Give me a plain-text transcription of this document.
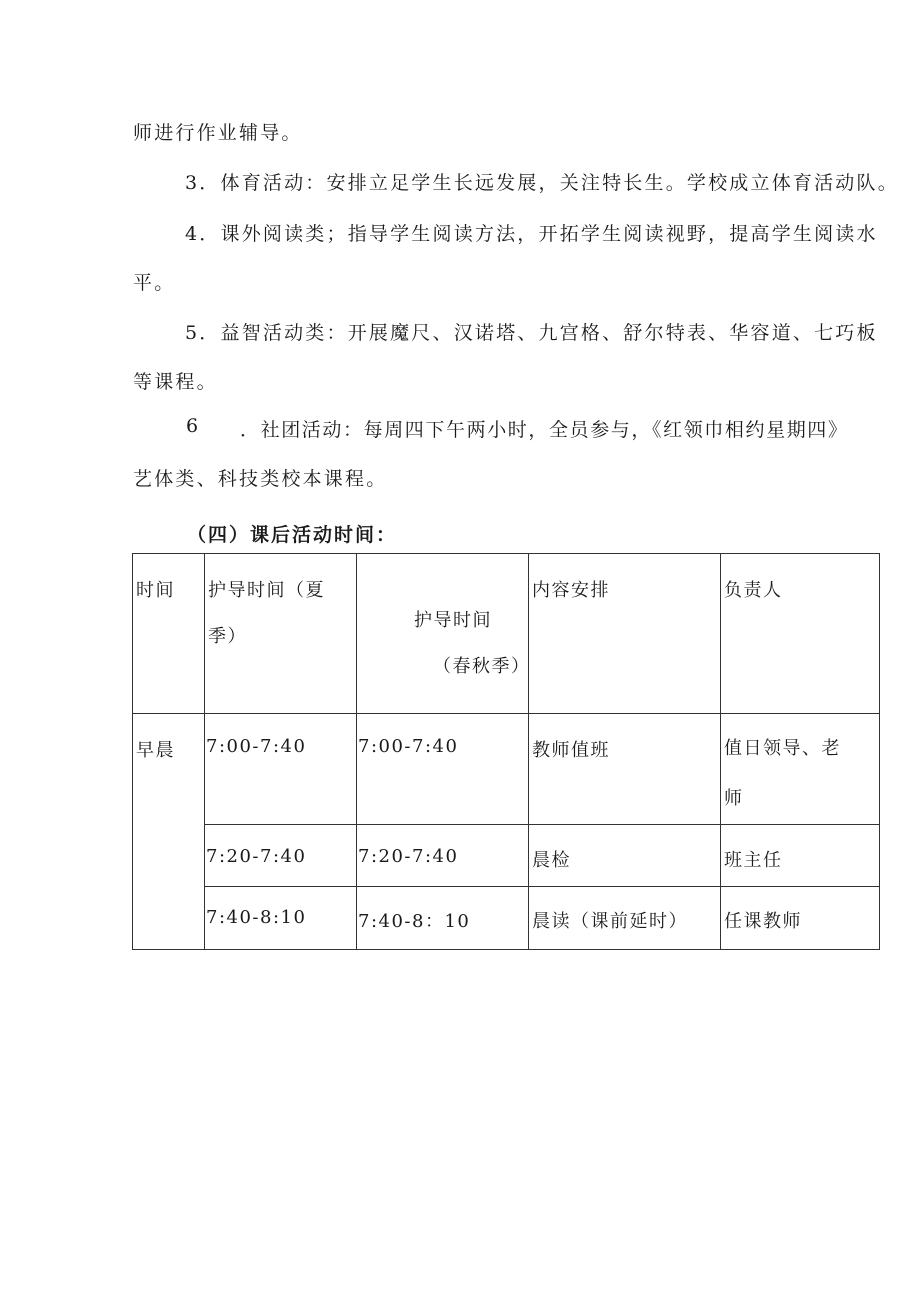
师进行作业辅导。
3．体育活动：安排立足学生长远发展，关注特长生。学校成立体育活动队。
4．课外阅读类；指导学生阅读方法，开拓学生阅读视野，提高学生阅读水
平。
5．益智活动类：开展魔尺、汉诺塔、九宫格、舒尔特表、华容道、七巧板
等课程。
6 ．社团活动：每周四下午两小时，全员参与，《红领巾相约星期四》
艺体类、科技类校本课程。
（四）课后活动时间：
时间	护导时间（夏
季）	护导时间
（春秋季）	内容安排	负责人

早晨	7:00-7:40	7:00-7:40	教师值班	值日领导、老
师

	7:20-7:40	7:20-7:40	晨检	班主任

	7:40-8:10	7:40-8：10	晨读（课前延时）	任课教师
